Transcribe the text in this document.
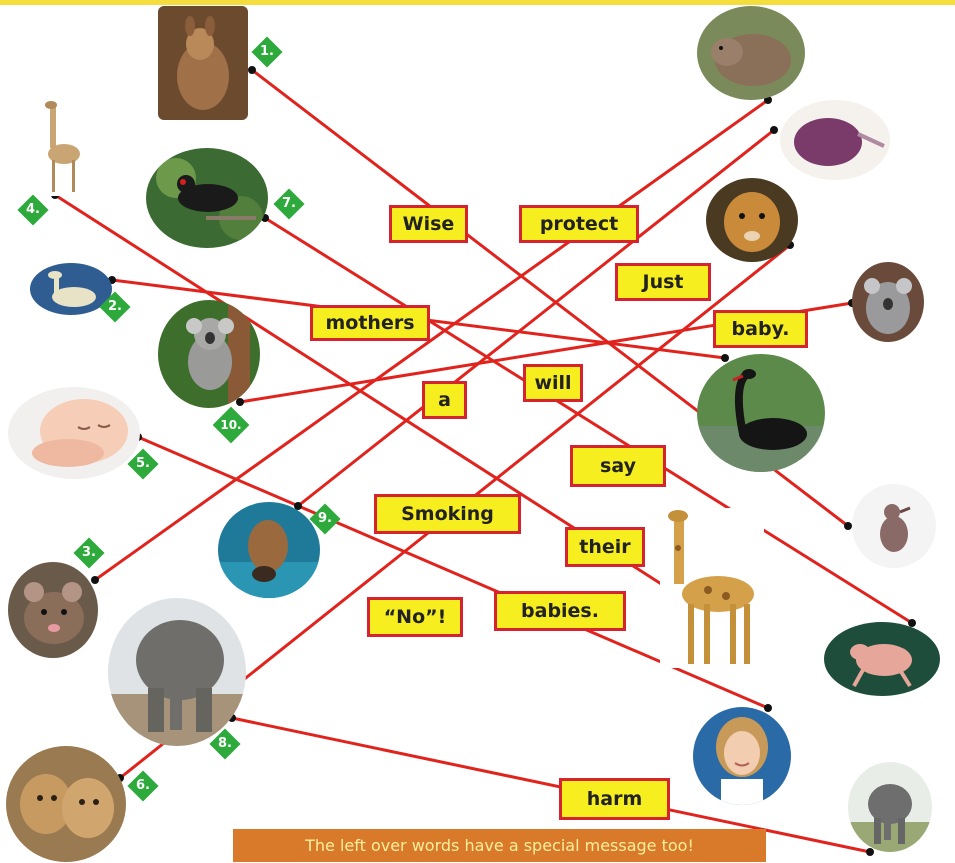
1.
2.
3.
4.
5.
6.
7.
8.
9.
10.
Wise	protect
Just
mothers	baby.
will
a
say
Smoking
their
“No”!	babies.
harm
The left over words have a special message too!
